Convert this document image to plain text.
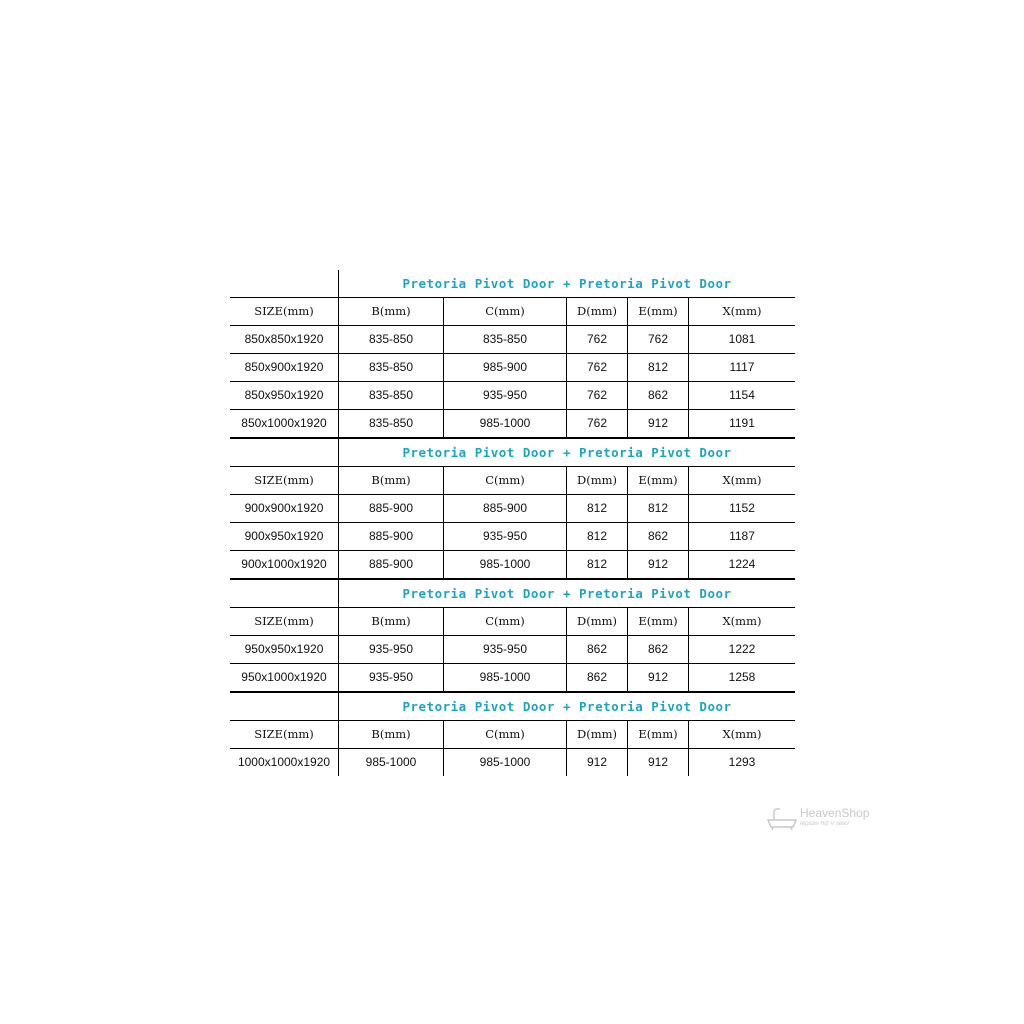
Pretoria Pivot Door + Pretoria Pivot Door
SIZE(mm)	B(mm)	C(mm)	D(mm)	E(mm)	X(mm)
850x850x1920	835-850	835-850	762	762	1081
850x900x1920	835-850	985-900	762	812	1117
850x950x1920	835-850	935-950	762	862	1154
850x1000x1920	835-850	985-1000	762	912	1191
Pretoria Pivot Door + Pretoria Pivot Door
SIZE(mm)	B(mm)	C(mm)	D(mm)	E(mm)	X(mm)
900x900x1920	885-900	885-900	812	812	1152
900x950x1920	885-900	935-950	812	862	1187
900x1000x1920	885-900	985-1000	812	912	1224
Pretoria Pivot Door + Pretoria Pivot Door
SIZE(mm)	B(mm)	C(mm)	D(mm)	E(mm)	X(mm)
950x950x1920	935-950	935-950	862	862	1222
950x1000x1920	935-950	985-1000	862	912	1258
Pretoria Pivot Door + Pretoria Pivot Door
SIZE(mm)	B(mm)	C(mm)	D(mm)	E(mm)	X(mm)
1000x1000x1920	985-1000	985-1000	912	912	1293
HeavenShop
lepsze niż v sieci
